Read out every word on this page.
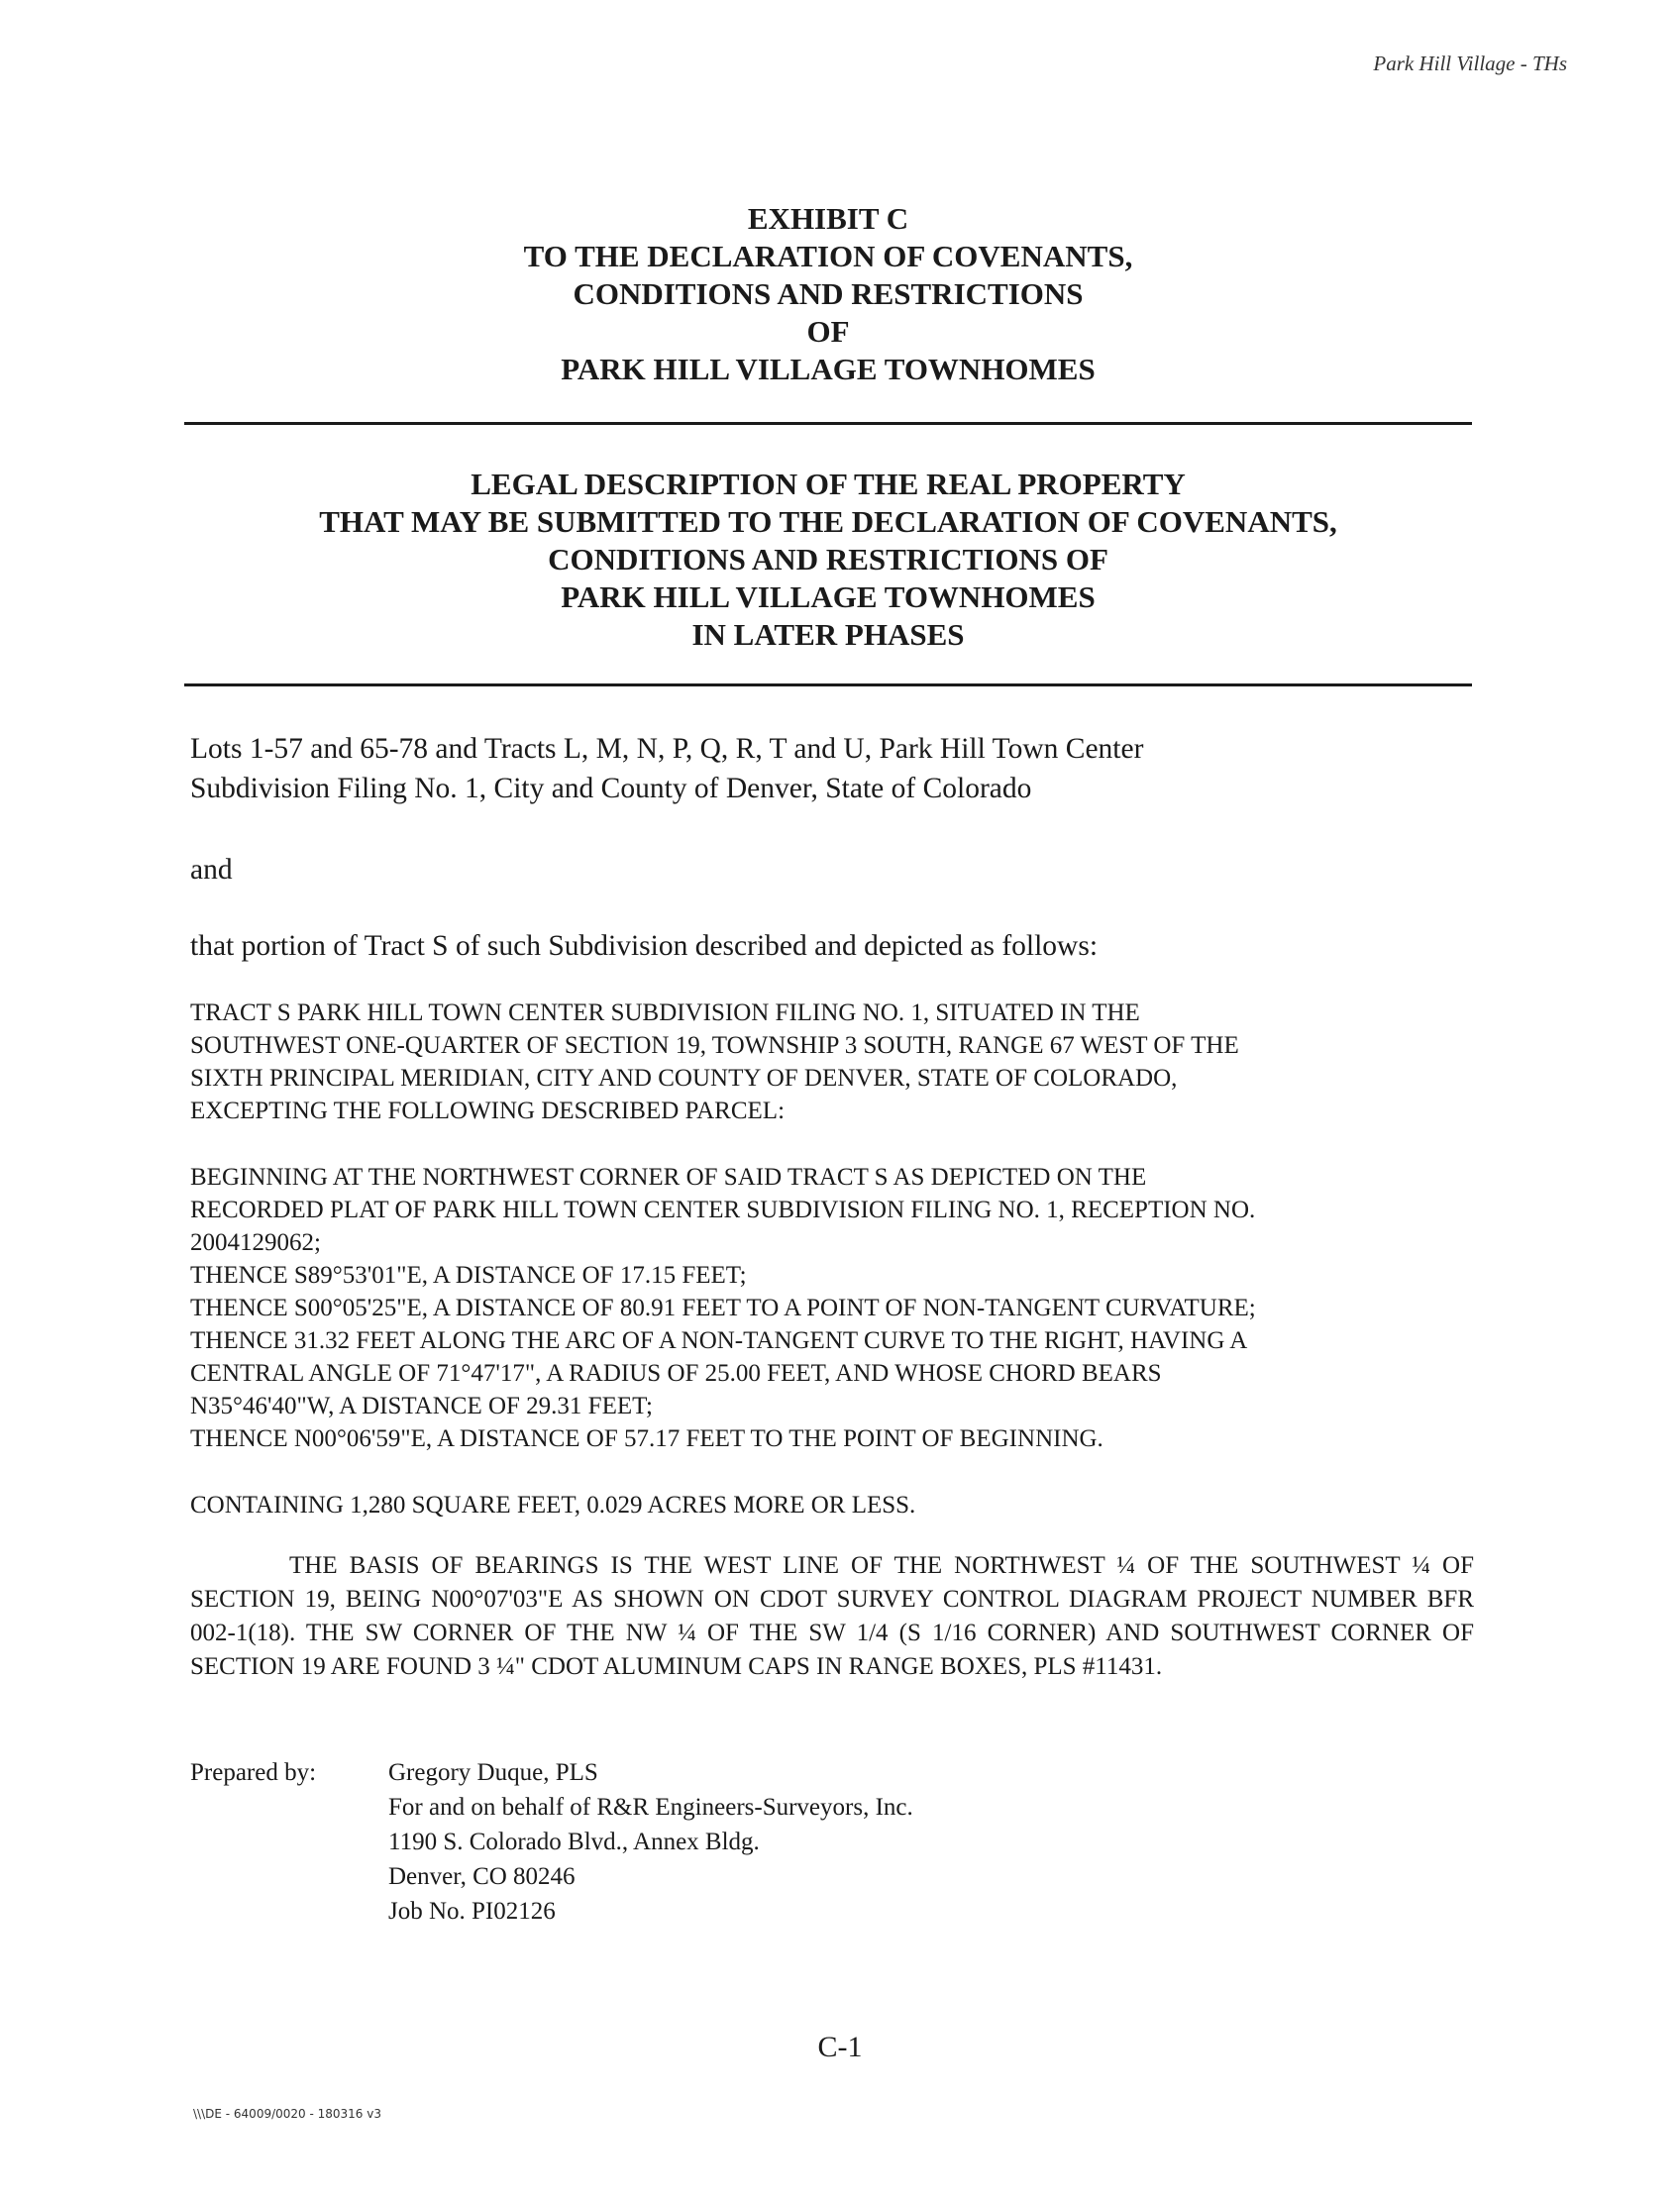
Park Hill Village - THs
EXHIBIT C
TO THE DECLARATION OF COVENANTS,
CONDITIONS AND RESTRICTIONS
OF
PARK HILL VILLAGE TOWNHOMES
LEGAL DESCRIPTION OF THE REAL PROPERTY
THAT MAY BE SUBMITTED TO THE DECLARATION OF COVENANTS,
CONDITIONS AND RESTRICTIONS OF
PARK HILL VILLAGE TOWNHOMES
IN LATER PHASES
Lots 1-57 and 65-78 and Tracts L, M, N, P, Q, R, T and U, Park Hill Town Center
Subdivision Filing No. 1, City and County of Denver, State of Colorado
and
that portion of Tract S of such Subdivision described and depicted as follows:
TRACT S PARK HILL TOWN CENTER SUBDIVISION FILING NO. 1, SITUATED IN THE
SOUTHWEST ONE-QUARTER OF SECTION 19, TOWNSHIP 3 SOUTH, RANGE 67 WEST OF THE
SIXTH PRINCIPAL MERIDIAN, CITY AND COUNTY OF DENVER, STATE OF COLORADO,
EXCEPTING THE FOLLOWING DESCRIBED PARCEL:
BEGINNING AT THE NORTHWEST CORNER OF SAID TRACT S AS DEPICTED ON THE
RECORDED PLAT OF PARK HILL TOWN CENTER SUBDIVISION FILING NO. 1, RECEPTION NO.
2004129062;
THENCE S89°53'01"E, A DISTANCE OF 17.15 FEET;
THENCE S00°05'25"E, A DISTANCE OF 80.91 FEET TO A POINT OF NON-TANGENT CURVATURE;
THENCE 31.32 FEET ALONG THE ARC OF A NON-TANGENT CURVE TO THE RIGHT, HAVING A
CENTRAL ANGLE OF 71°47'17", A RADIUS OF 25.00 FEET, AND WHOSE CHORD BEARS
N35°46'40"W, A DISTANCE OF 29.31 FEET;
THENCE N00°06'59"E, A DISTANCE OF 57.17 FEET TO THE POINT OF BEGINNING.
CONTAINING 1,280 SQUARE FEET, 0.029 ACRES MORE OR LESS.
THE BASIS OF BEARINGS IS THE WEST LINE OF THE NORTHWEST ¼ OF THE SOUTHWEST ¼ OF SECTION 19, BEING N00°07'03"E AS SHOWN ON CDOT SURVEY CONTROL DIAGRAM PROJECT NUMBER BFR 002-1(18). THE SW CORNER OF THE NW ¼ OF THE SW 1/4 (S 1/16 CORNER) AND SOUTHWEST CORNER OF SECTION 19 ARE FOUND 3 ¼" CDOT ALUMINUM CAPS IN RANGE BOXES, PLS #11431.
Prepared by:	Gregory Duque, PLS
For and on behalf of R&R Engineers-Surveyors, Inc.
1190 S. Colorado Blvd., Annex Bldg.
Denver, CO 80246
Job No. PI02126
C-1
\\\DE - 64009/0020 - 180316 v3
